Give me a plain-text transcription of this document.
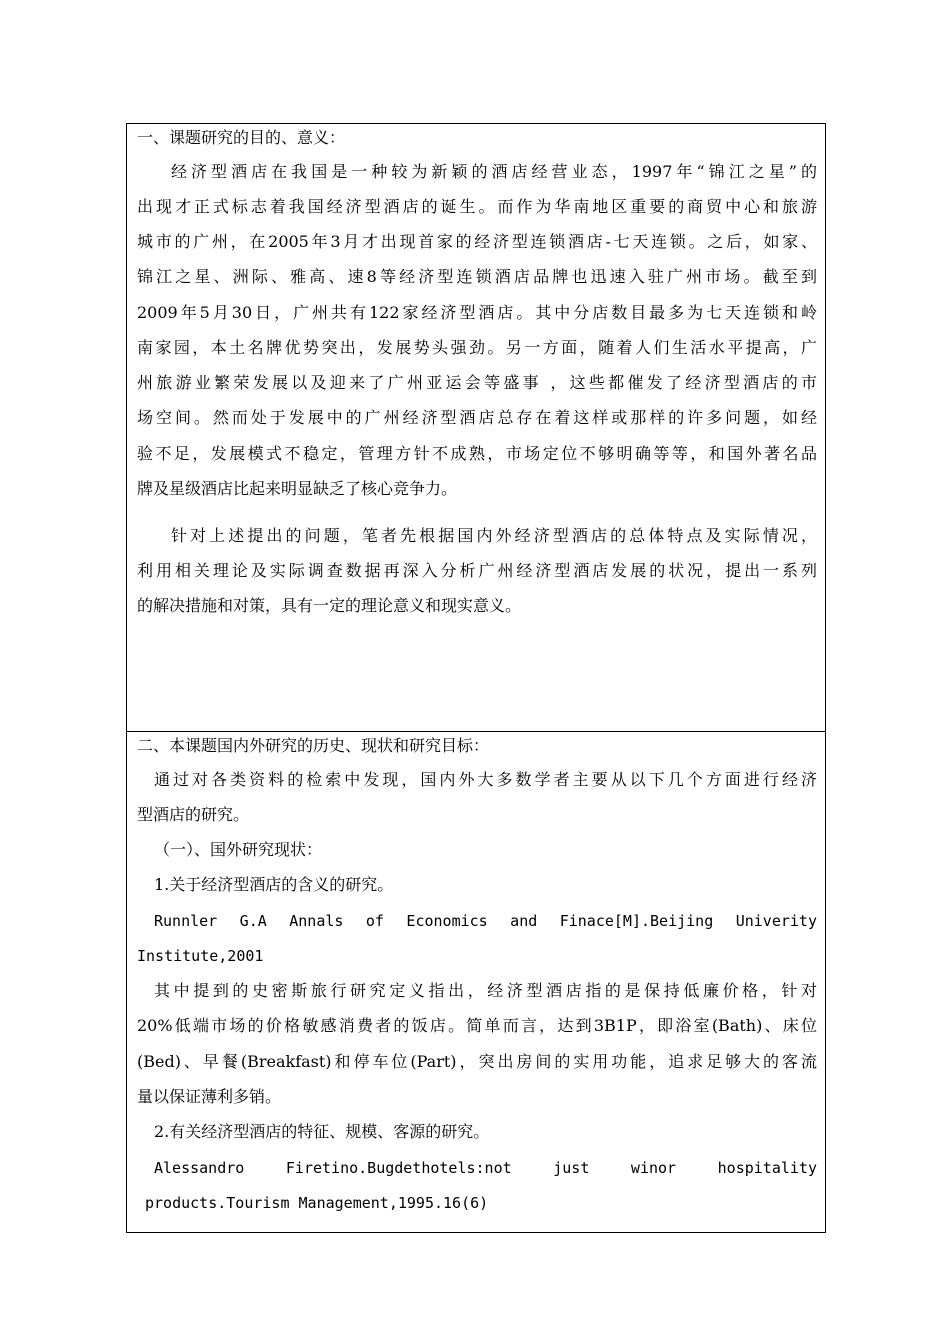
一、课题研究的目的、意义：
经济型酒店在我国是一种较为新颖的酒店经营业态，1997年“锦江之星”的
出现才正式标志着我国经济型酒店的诞生。而作为华南地区重要的商贸中心和旅游
城市的广州，在2005年3月才出现首家的经济型连锁酒店-七天连锁。之后，如家、
锦江之星、洲际、雅高、速8等经济型连锁酒店品牌也迅速入驻广州市场。截至到
2009年5月30日，广州共有122家经济型酒店。其中分店数目最多为七天连锁和岭
南家园，本土名牌优势突出，发展势头强劲。另一方面，随着人们生活水平提高，广
州旅游业繁荣发展以及迎来了广州亚运会等盛事 ，这些都催发了经济型酒店的市
场空间。然而处于发展中的广州经济型酒店总存在着这样或那样的许多问题，如经
验不足，发展模式不稳定，管理方针不成熟，市场定位不够明确等等，和国外著名品
牌及星级酒店比起来明显缺乏了核心竞争力。
针对上述提出的问题，笔者先根据国内外经济型酒店的总体特点及实际情况，
利用相关理论及实际调查数据再深入分析广州经济型酒店发展的状况，提出一系列
的解决措施和对策，具有一定的理论意义和现实意义。
二、本课题国内外研究的历史、现状和研究目标：
通过对各类资料的检索中发现，国内外大多数学者主要从以下几个方面进行经济
型酒店的研究。
（一）、国外研究现状：
1.关于经济型酒店的含义的研究。
Runnler G.A Annals of Economics and Finace[M].Beijing Univerity
Institute,2001
其中提到的史密斯旅行研究定义指出，经济型酒店指的是保持低廉价格，针对
20%低端市场的价格敏感消费者的饭店。简单而言，达到3B1P，即浴室(Bath)、床位
(Bed)、早餐(Breakfast)和停车位(Part)，突出房间的实用功能，追求足够大的客流
量以保证薄利多销。
2.有关经济型酒店的特征、规模、客源的研究。
Alessandro Firetino.Bugdethotels:not just winor hospitality
products.Tourism Management,1995.16(6)
